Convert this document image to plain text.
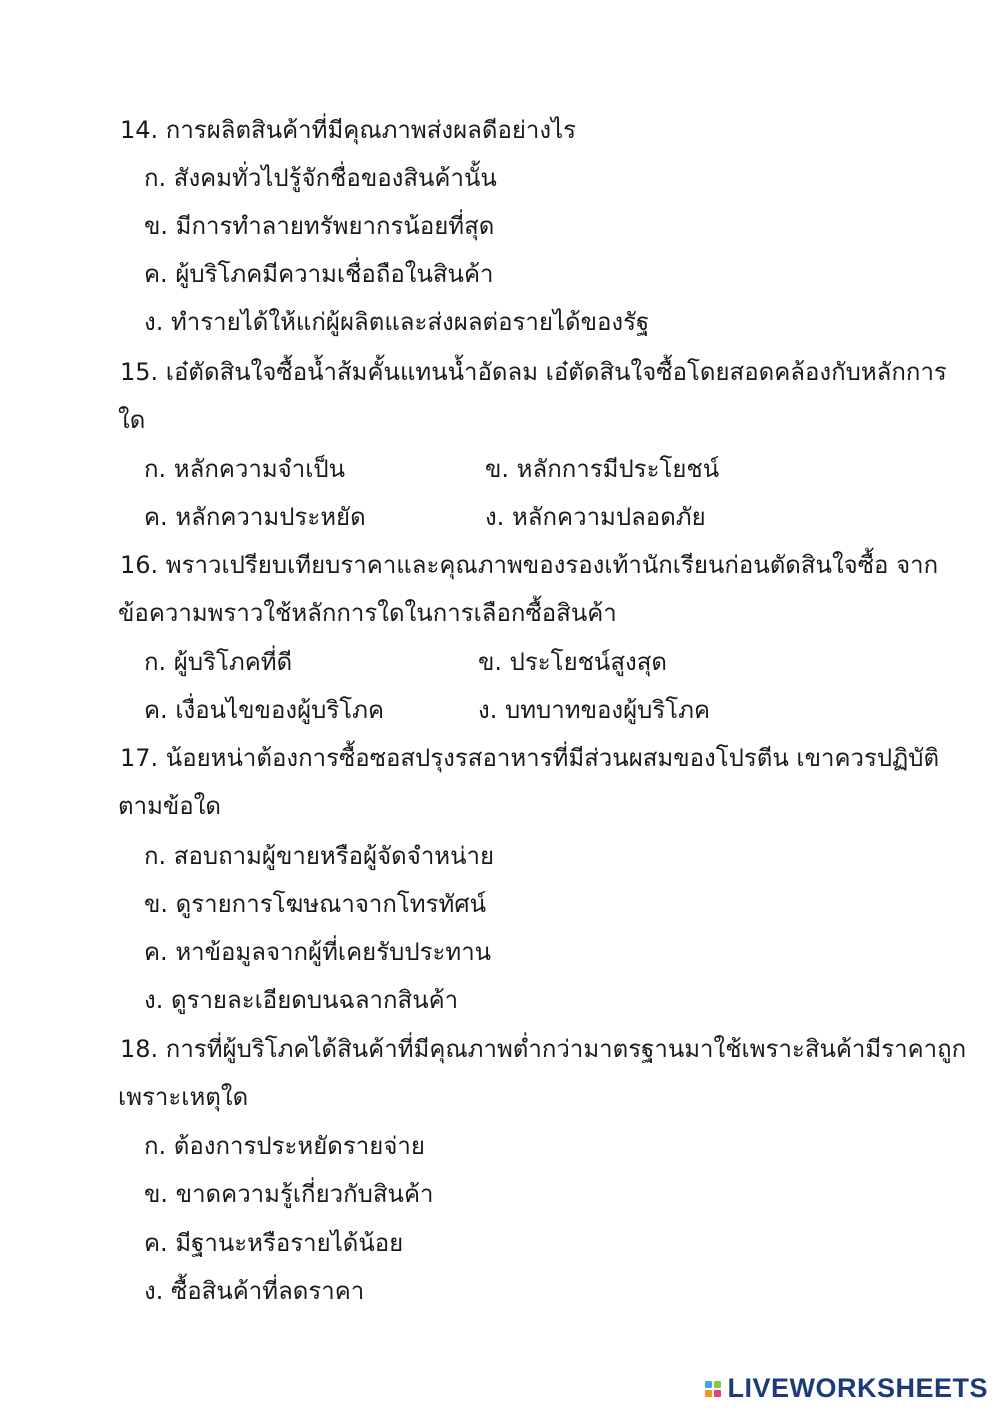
14. การผลิตสินค้าที่มีคุณภาพส่งผลดีอย่างไร
ก. สังคมทั่วไปรู้จักชื่อของสินค้านั้น
ข. มีการทำลายทรัพยากรน้อยที่สุด
ค. ผู้บริโภคมีความเชื่อถือในสินค้า
ง. ทำรายได้ให้แก่ผู้ผลิตและส่งผลต่อรายได้ของรัฐ
15. เอ๋ตัดสินใจซื้อน้ำส้มคั้นแทนน้ำอัดลม เอ๋ตัดสินใจซื้อโดยสอดคล้องกับหลักการ
ใด
ก. หลักความจำเป็น	ข. หลักการมีประโยชน์
ค. หลักความประหยัด	ง. หลักความปลอดภัย
16. พราวเปรียบเทียบราคาและคุณภาพของรองเท้านักเรียนก่อนตัดสินใจซื้อ จาก
ข้อความพราวใช้หลักการใดในการเลือกซื้อสินค้า
ก. ผู้บริโภคที่ดี	ข. ประโยชน์สูงสุด
ค. เงื่อนไขของผู้บริโภค	ง. บทบาทของผู้บริโภค
17. น้อยหน่าต้องการซื้อซอสปรุงรสอาหารที่มีส่วนผสมของโปรตีน เขาควรปฏิบัติ
ตามข้อใด
ก. สอบถามผู้ขายหรือผู้จัดจำหน่าย
ข. ดูรายการโฆษณาจากโทรทัศน์
ค. หาข้อมูลจากผู้ที่เคยรับประทาน
ง. ดูรายละเอียดบนฉลากสินค้า
18. การที่ผู้บริโภคได้สินค้าที่มีคุณภาพต่ำกว่ามาตรฐานมาใช้เพราะสินค้ามีราคาถูก
เพราะเหตุใด
ก. ต้องการประหยัดรายจ่าย
ข. ขาดความรู้เกี่ยวกับสินค้า
ค. มีฐานะหรือรายได้น้อย
ง. ซื้อสินค้าที่ลดราคา
LIVEWORKSHEETS
